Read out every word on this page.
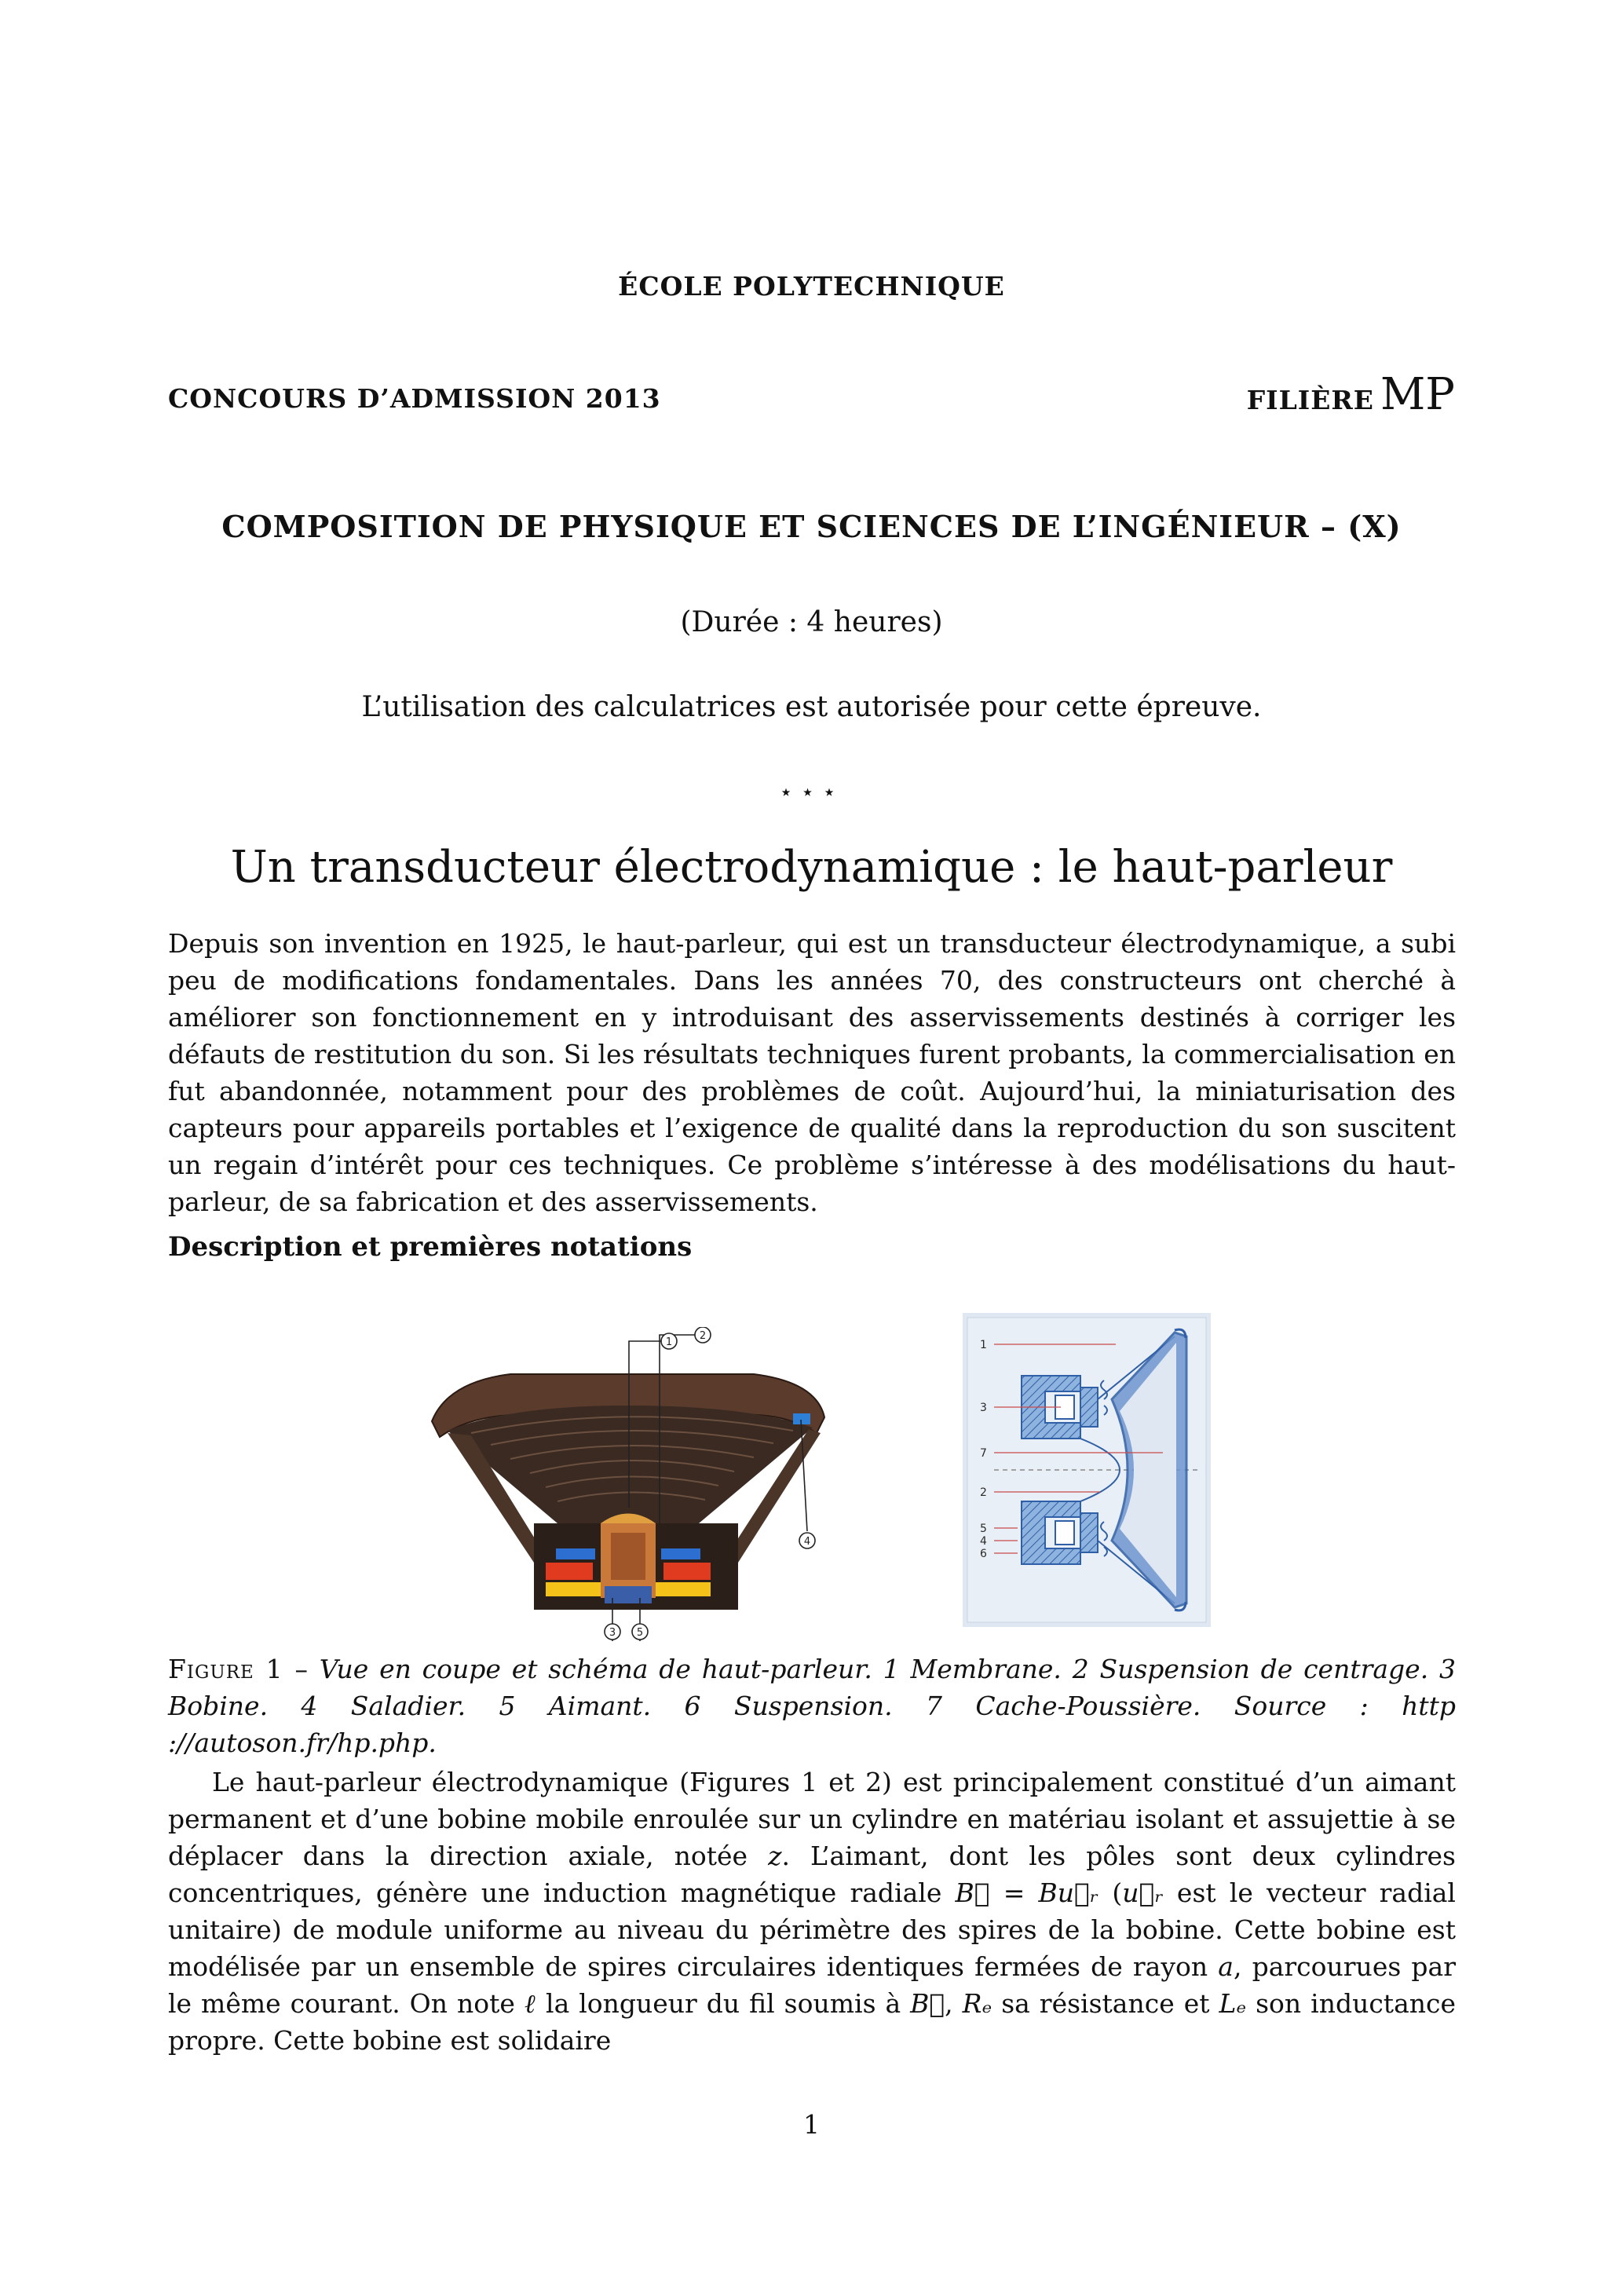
ÉCOLE POLYTECHNIQUE
CONCOURS D’ADMISSION 2013	FILIÈRE MP
COMPOSITION DE PHYSIQUE ET SCIENCES DE L’INGÉNIEUR – (X)
(Durée : 4 heures)
L’utilisation des calculatrices est autorisée pour cette épreuve.
⋆⋆⋆
Un transducteur électrodynamique : le haut-parleur

Depuis son invention en 1925, le haut-parleur, qui est un transducteur électrodynamique, a subi peu de modifications fondamentales. Dans les années 70, des constructeurs ont cherché à améliorer son fonctionnement en y introduisant des asservissements destinés à corriger les défauts de restitution du son. Si les résultats techniques furent probants, la commercialisation en fut abandonnée, notamment pour des problèmes de coût. Aujourd’hui, la miniaturisation des capteurs pour appareils portables et l’exigence de qualité dans la reproduction du son suscitent un regain d’intérêt pour ces techniques. Ce problème s’intéresse à des modélisations du haut-parleur, de sa fabrication et des asservissements.

Description et premières notations
1
2
3
4
5
1
3
7
2
5
4
6
Figure 1 – Vue en coupe et schéma de haut-parleur. 1 Membrane. 2 Suspension de centrage. 3 Bobine. 4 Saladier. 5 Aimant. 6 Suspension. 7 Cache-Poussière. Source : http ://autoson.fr/hp.php.

Le haut-parleur électrodynamique (Figures 1 et 2) est principalement constitué d’un aimant permanent et d’une bobine mobile enroulée sur un cylindre en matériau isolant et assujettie à se déplacer dans la direction axiale, notée z. L’aimant, dont les pôles sont deux cylindres concentriques, génère une induction magnétique radiale B⃗ = Bu⃗ᵣ (u⃗ᵣ est le vecteur radial unitaire) de module uniforme au niveau du périmètre des spires de la bobine. Cette bobine est modélisée par un ensemble de spires circulaires identiques fermées de rayon a, parcourues par le même courant. On note ℓ la longueur du fil soumis à B⃗, Rₑ sa résistance et Lₑ son inductance propre. Cette bobine est solidaire

1
